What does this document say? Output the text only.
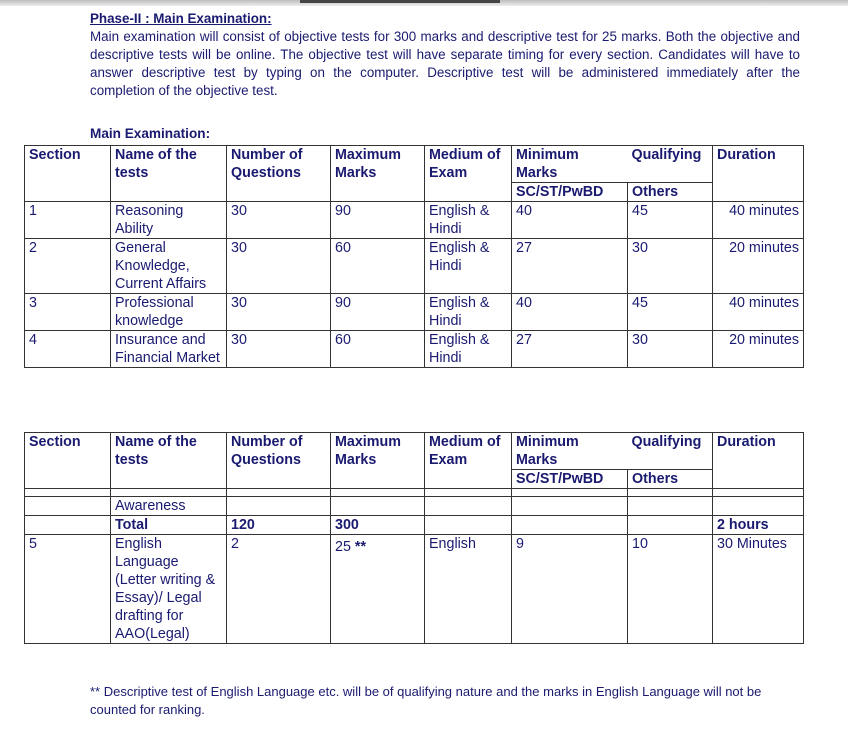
Phase-II : Main Examination:
Main examination will consist of objective tests for 300 marks and descriptive test for 25 marks. Both the objective and descriptive tests will be online. The objective test will have separate timing for every section. Candidates will have to answer descriptive test by typing on the computer. Descriptive test will be administered immediately after the completion of the objective test.
Main Examination:
Section	Name of the tests	Number of Questions	Maximum Marks	Medium of Exam	Minimum Marks	Qualifying	Duration
					SC/ST/PwBD	Others	
1	Reasoning Ability	30	90	English & Hindi	40	45	40 minutes
2	General Knowledge, Current Affairs	30	60	English & Hindi	27	30	20 minutes
3	Professional knowledge	30	90	English & Hindi	40	45	40 minutes
4	Insurance and Financial Market	30	60	English & Hindi	27	30	20 minutes
Section	Name of the tests	Number of Questions	Maximum Marks	Medium of Exam	Minimum Marks	Qualifying	Duration
					SC/ST/PwBD	Others	

	Awareness						
	Total	120	300				2 hours
5	English Language (Letter writing & Essay)/ Legal drafting for AAO(Legal)	2	25 **	English	9	10	30 Minutes
** Descriptive test of English Language etc. will be of qualifying nature and the marks in English Language will not be counted for ranking.
